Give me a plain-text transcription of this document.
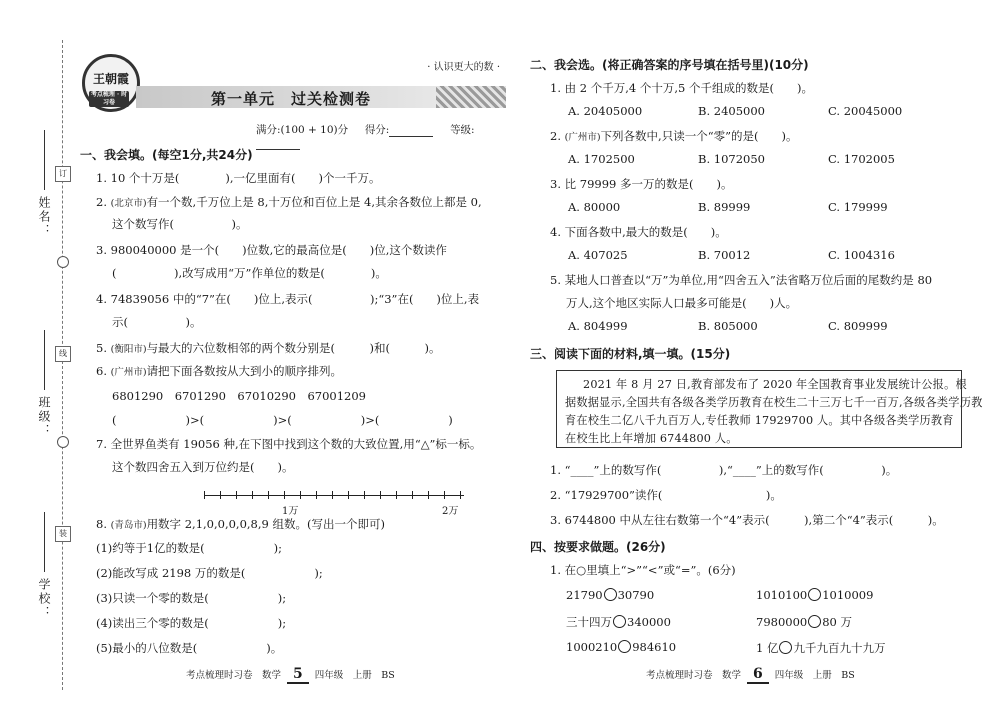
姓名：
班级：
学校：
订
线
装
王朝霞
考点梳理 · 时习卷
· 认识更大的数 ·
第一单元　过关检测卷
满分:(100 + 10)分 得分:	等级:
一、我会填。(每空1分,共24分)
1. 10 个十万是(　　　　),一亿里面有(　　)个一千万。
2. (北京市)有一个数,千万位上是 8,十万位和百位上是 4,其余各数位上都是 0,
这个数写作(　　　　　)。
3. 980040000 是一个(　　)位数,它的最高位是(　　)位,这个数读作
(　　　　　),改写成用“万”作单位的数是(　　　　)。
4. 74839056 中的“7”在(　　)位上,表示(　　　　　);“3”在(　　)位上,表
示(　　　　　)。
5. (衡阳市)与最大的六位数相邻的两个数分别是(　　　)和(　　　)。
6. (广州市)请把下面各数按从大到小的顺序排列。
6801290　6701290　67010290　67001209
(　　　　　　)>(　　　　　　)>(　　　　　　)>(　　　　　　)
7. 全世界鱼类有 19056 种,在下图中找到这个数的大致位置,用“△”标一标。
这个数四舍五入到万位约是(　　)。
1万	2万
8. (青岛市)用数字 2,1,0,0,0,0,8,9 组数。(写出一个即可)
(1)约等于1亿的数是(　　　　　　);
(2)能改写成 2198 万的数是(　　　　　　);
(3)只读一个零的数是(　　　　　　);
(4)读出三个零的数是(　　　　　　);
(5)最小的八位数是(　　　　　　)。
考点梳理时习卷　数学 5 四年级　上册　BS
二、我会选。(将正确答案的序号填在括号里)(10分)
1. 由 2 个千万,4 个十万,5 个千组成的数是(　　)。
A. 20405000	B. 2405000	C. 20045000
2. (广州市)下列各数中,只读一个“零”的是(　　)。
A. 1702500	B. 1072050	C. 1702005
3. 比 79999 多一万的数是(　　)。
A. 80000	B. 89999	C. 179999
4. 下面各数中,最大的数是(　　)。
A. 407025	B. 70012	C. 1004316
5. 某地人口普查以“万”为单位,用“四舍五入”法省略万位后面的尾数约是 80
万人,这个地区实际人口最多可能是(　　)人。
A. 804999	B. 805000	C. 809999
三、阅读下面的材料,填一填。(15分)
2021 年 8 月 27 日,教育部发布了 2020 年全国教育事业发展统计公报。根
据数据显示,全国共有各级各类学历教育在校生二十三万七千一百万,各级各类学历教
育在校生二亿八千九百万人,专任教师 17929700 人。其中各级各类学历教育
在校生比上年增加 6744800 人。
1. “____”上的数写作(　　　　　),“____”上的数写作(　　　　　)。
2. “17929700”读作(　　　　　　　　　)。
3. 6744800 中从左往右数第一个“4”表示(　　　),第二个“4”表示(　　　)。
四、按要求做题。(26分)
1. 在○里填上“>”“<”或“=”。(6分)
21790 30790	1010100 1010009
三十四万 340000	7980000 80 万
1000210 984610	1 亿 九千九百九十九万
考点梳理时习卷　数学 6 四年级　上册　BS
